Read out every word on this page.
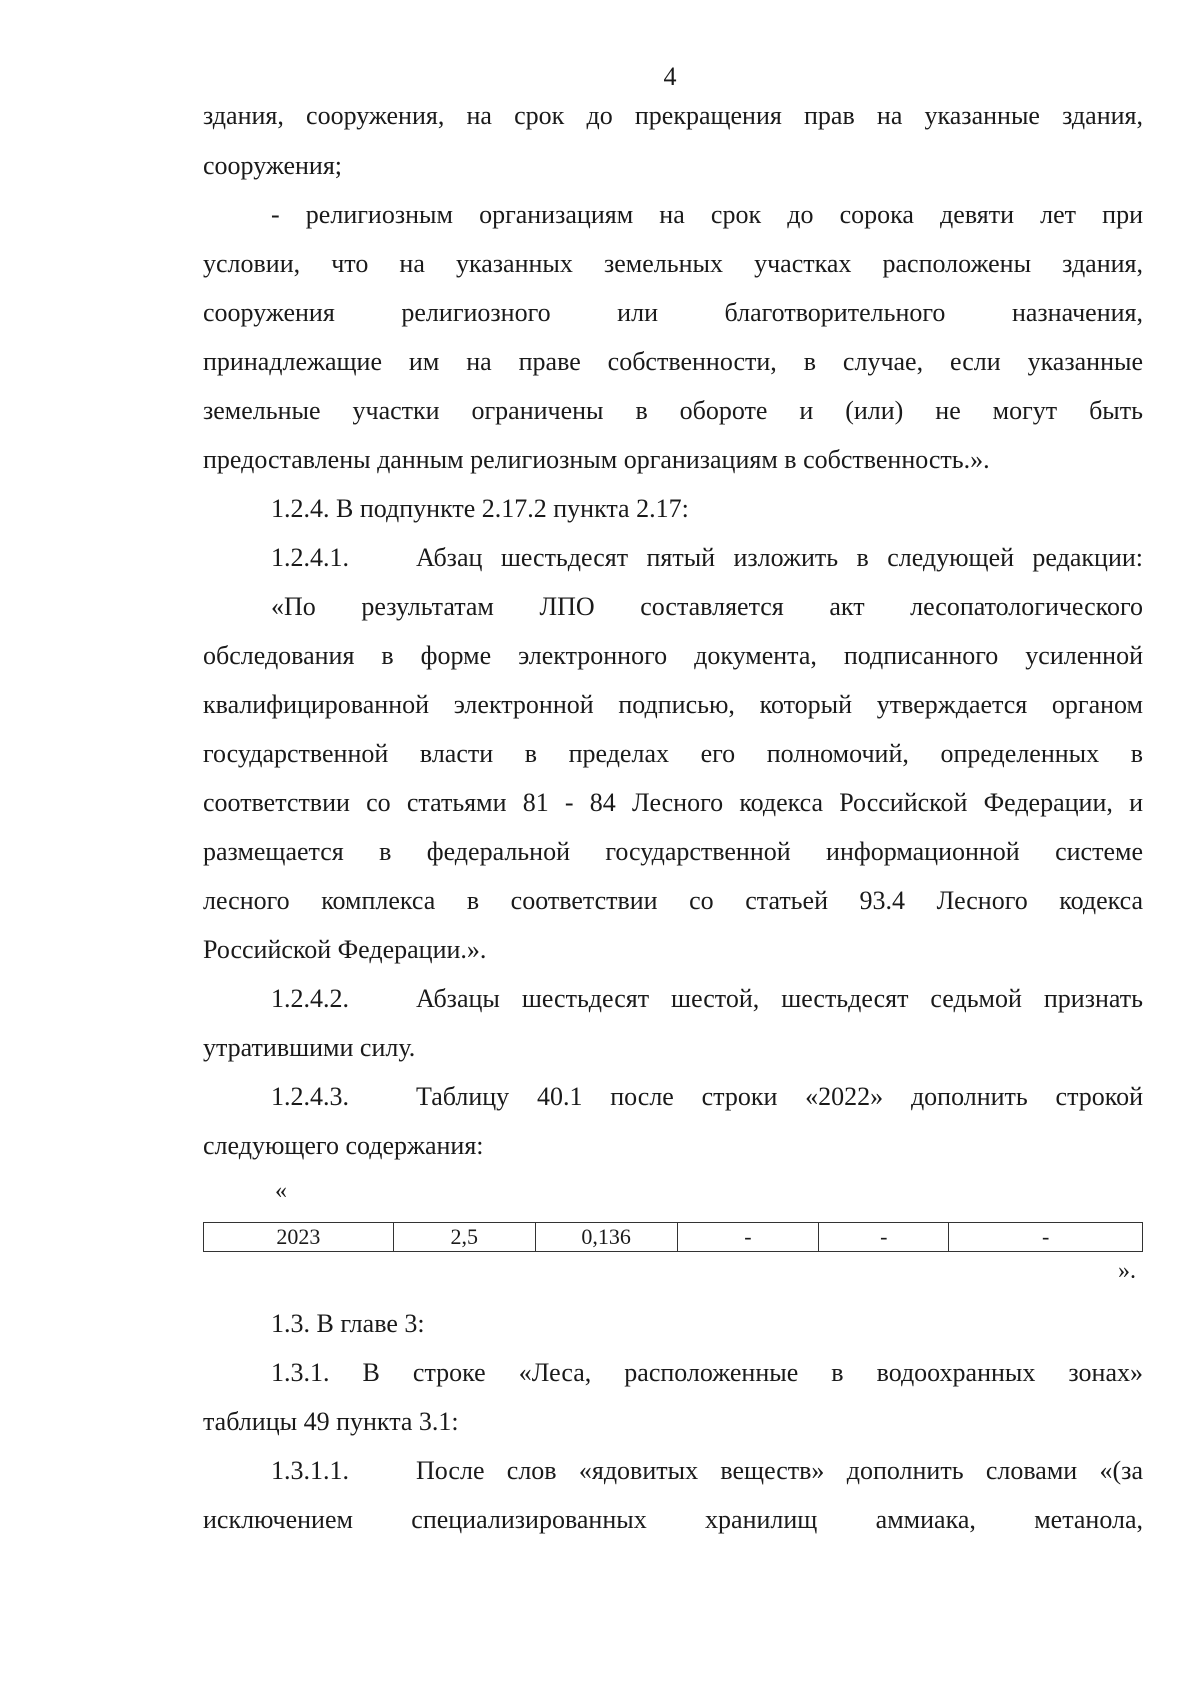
4

здания, сооружения, на срок до прекращения прав на указанные здания,

сооружения;

- религиозным организациям на срок до сорока девяти лет при

условии, что на указанных земельных участках расположены здания,

сооружения религиозного или благотворительного назначения,

принадлежащие им на праве собственности, в случае, если указанные

земельные участки ограничены в обороте и (или) не могут быть

предоставлены данным религиозным организациям в собственность.».

1.2.4. В подпункте 2.17.2 пункта 2.17:

1.2.4.1.	Абзац шестьдесят пятый изложить в следующей редакции:

«По результатам ЛПО составляется акт лесопатологического

обследования в форме электронного документа, подписанного усиленной

квалифицированной электронной подписью, который утверждается органом

государственной власти в пределах его полномочий, определенных в

соответствии со статьями 81 - 84 Лесного кодекса Российской Федерации, и

размещается в федеральной государственной информационной системе

лесного комплекса в соответствии со статьей 93.4 Лесного кодекса

Российской Федерации.».

1.2.4.2.	Абзацы шестьдесят шестой, шестьдесят седьмой признать

утратившими силу.

1.2.4.3.	Таблицу 40.1 после строки «2022» дополнить строкой

следующего содержания:

«
2023	2,5	0,136	-	-	-
».

1.3. В главе 3:

1.3.1. В строке «Леса, расположенные в водоохранных зонах»

таблицы 49 пункта 3.1:

1.3.1.1.	После слов «ядовитых веществ» дополнить словами «(за

исключением специализированных хранилищ аммиака, метанола,
